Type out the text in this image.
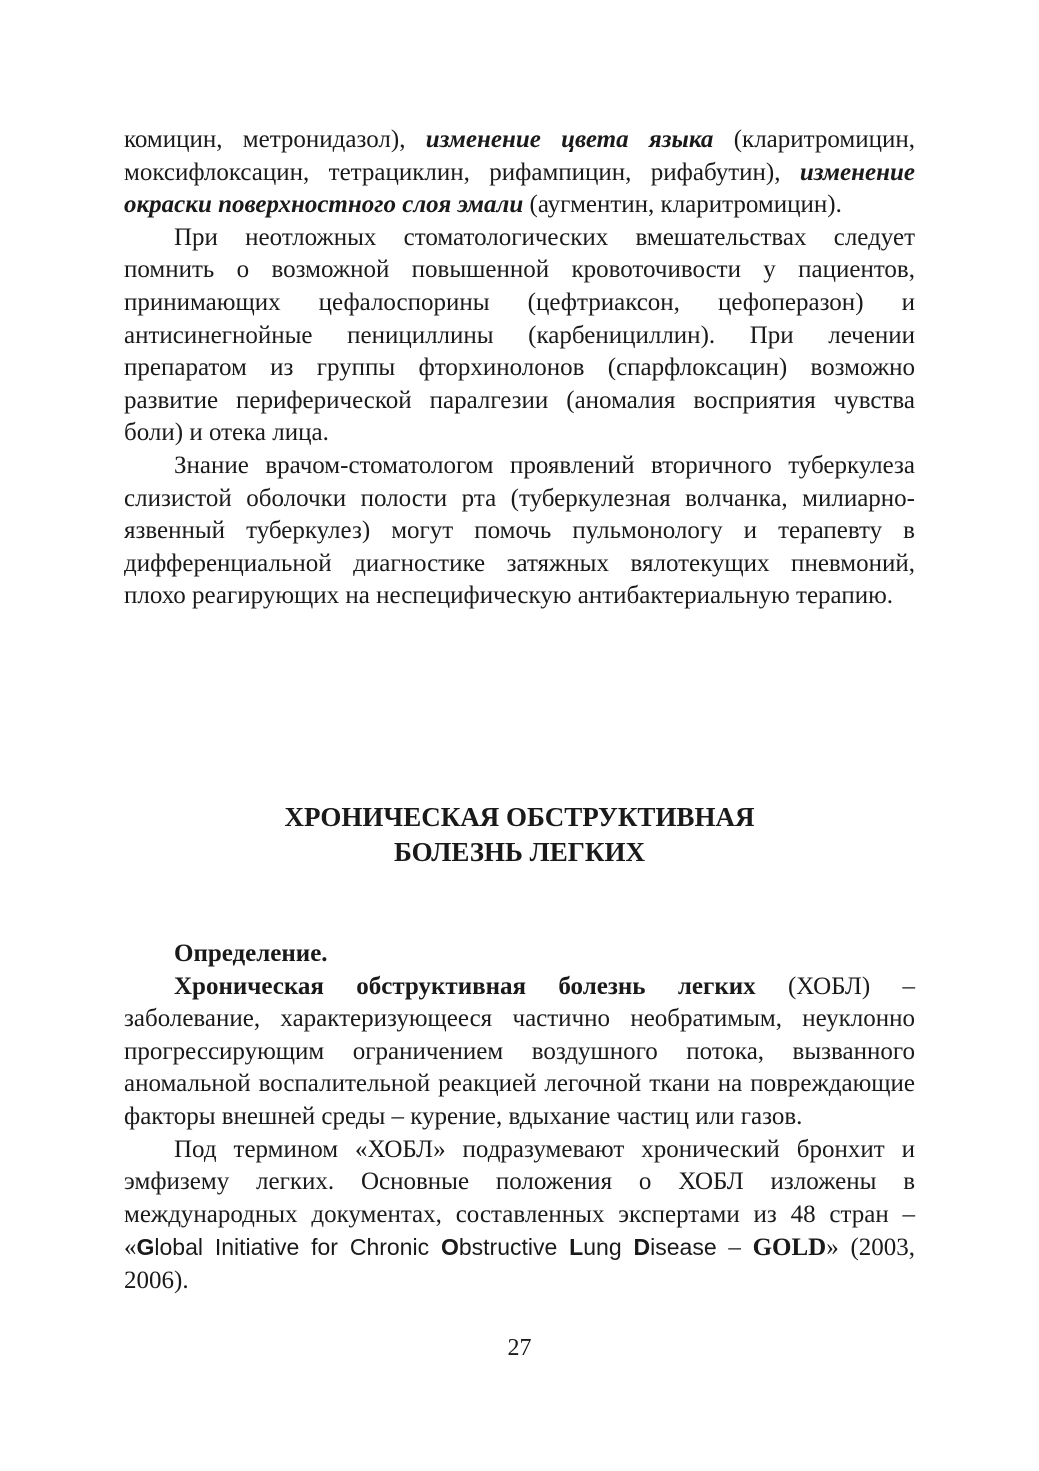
комицин, метронидазол), изменение цвета языка (кларитромицин, моксифлоксацин, тетрациклин, рифампицин, рифабутин), изменение окраски поверхностного слоя эмали (аугментин, кларитромицин).

При неотложных стоматологических вмешательствах следует помнить о возможной повышенной кровоточивости у пациентов, принимающих цефалоспорины (цефтриаксон, цефоперазон) и антисинегнойные пенициллины (карбенициллин). При лечении препаратом из группы фторхинолонов (спарфлоксацин) возможно развитие периферической паралгезии (аномалия восприятия чувства боли) и отека лица.

Знание врачом-стоматологом проявлений вторичного туберкулеза слизистой оболочки полости рта (туберкулезная волчанка, милиарно-язвенный туберкулез) могут помочь пульмонологу и терапевту в дифференциальной диагностике затяжных вялотекущих пневмоний, плохо реагирующих на неспецифическую антибактериальную терапию.

ХРОНИЧЕСКАЯ ОБСТРУКТИВНАЯ
БОЛЕЗНЬ ЛЕГКИХ

Определение.

Хроническая обструктивная болезнь легких (ХОБЛ) – заболевание, характеризующееся частично необратимым, неуклонно прогрессирующим ограничением воздушного потока, вызванного аномальной воспалительной реакцией легочной ткани на повреждающие факторы внешней среды – курение, вдыхание частиц или газов.

Под термином «ХОБЛ» подразумевают хронический бронхит и эмфизему легких. Основные положения о ХОБЛ изложены в международных документах, составленных экспертами из 48 стран – «Global Initiative for Chronic Obstructive Lung Disease – GOLD» (2003, 2006).

27
